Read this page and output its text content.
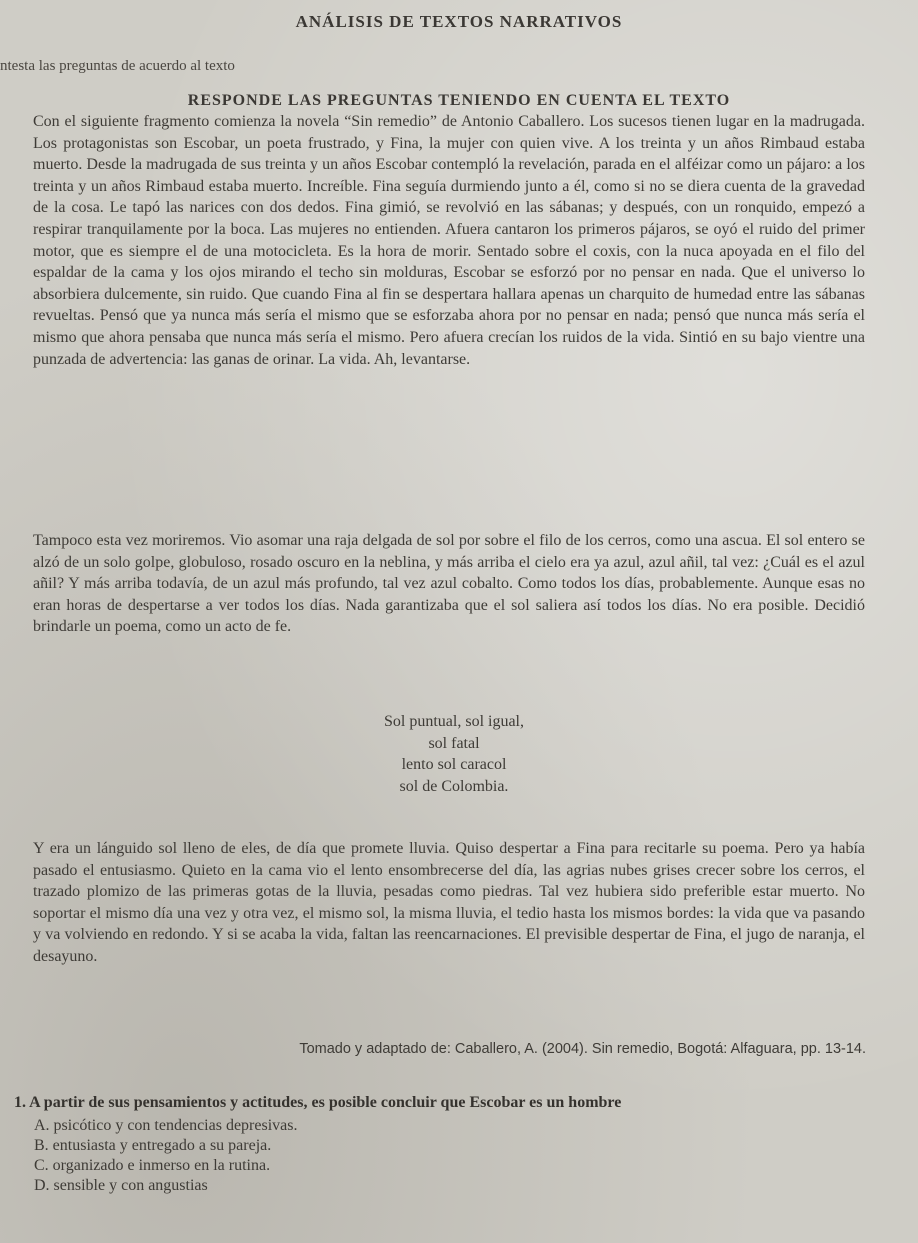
ANÁLISIS DE TEXTOS NARRATIVOS
ntesta las preguntas de acuerdo al texto
RESPONDE LAS PREGUNTAS TENIENDO EN CUENTA EL TEXTO
Con el siguiente fragmento comienza la novela “Sin remedio” de Antonio Caballero. Los sucesos tienen lugar en la madrugada. Los protagonistas son Escobar, un poeta frustrado, y Fina, la mujer con quien vive. A los treinta y un años Rimbaud estaba muerto. Desde la madrugada de sus treinta y un años Escobar contempló la revelación, parada en el alféizar como un pájaro: a los treinta y un años Rimbaud estaba muerto. Increíble. Fina seguía durmiendo junto a él, como si no se diera cuenta de la gravedad de la cosa. Le tapó las narices con dos dedos. Fina gimió, se revolvió en las sábanas; y después, con un ronquido, empezó a respirar tranquilamente por la boca. Las mujeres no entienden. Afuera cantaron los primeros pájaros, se oyó el ruido del primer motor, que es siempre el de una motocicleta. Es la hora de morir. Sentado sobre el coxis, con la nuca apoyada en el filo del espaldar de la cama y los ojos mirando el techo sin molduras, Escobar se esforzó por no pensar en nada. Que el universo lo absorbiera dulcemente, sin ruido. Que cuando Fina al fin se despertara hallara apenas un charquito de humedad entre las sábanas revueltas. Pensó que ya nunca más sería el mismo que se esforzaba ahora por no pensar en nada; pensó que nunca más sería el mismo que ahora pensaba que nunca más sería el mismo. Pero afuera crecían los ruidos de la vida. Sintió en su bajo vientre una punzada de advertencia: las ganas de orinar. La vida. Ah, levantarse.
Tampoco esta vez moriremos. Vio asomar una raja delgada de sol por sobre el filo de los cerros, como una ascua. El sol entero se alzó de un solo golpe, globuloso, rosado oscuro en la neblina, y más arriba el cielo era ya azul, azul añil, tal vez: ¿Cuál es el azul añil? Y más arriba todavía, de un azul más profundo, tal vez azul cobalto. Como todos los días, probablemente. Aunque esas no eran horas de despertarse a ver todos los días. Nada garantizaba que el sol saliera así todos los días. No era posible. Decidió brindarle un poema, como un acto de fe.
Sol puntual, sol igual,
sol fatal
lento sol caracol
sol de Colombia.
Y era un lánguido sol lleno de eles, de día que promete lluvia. Quiso despertar a Fina para recitarle su poema. Pero ya había pasado el entusiasmo. Quieto en la cama vio el lento ensombrecerse del día, las agrias nubes grises crecer sobre los cerros, el trazado plomizo de las primeras gotas de la lluvia, pesadas como piedras. Tal vez hubiera sido preferible estar muerto. No soportar el mismo día una vez y otra vez, el mismo sol, la misma lluvia, el tedio hasta los mismos bordes: la vida que va pasando y va volviendo en redondo. Y si se acaba la vida, faltan las reencarnaciones. El previsible despertar de Fina, el jugo de naranja, el desayuno.
Tomado y adaptado de: Caballero, A. (2004). Sin remedio, Bogotá: Alfaguara, pp. 13-14.
1. A partir de sus pensamientos y actitudes, es posible concluir que Escobar es un hombre
A. psicótico y con tendencias depresivas.
B. entusiasta y entregado a su pareja.
C. organizado e inmerso en la rutina.
D. sensible y con angustias
